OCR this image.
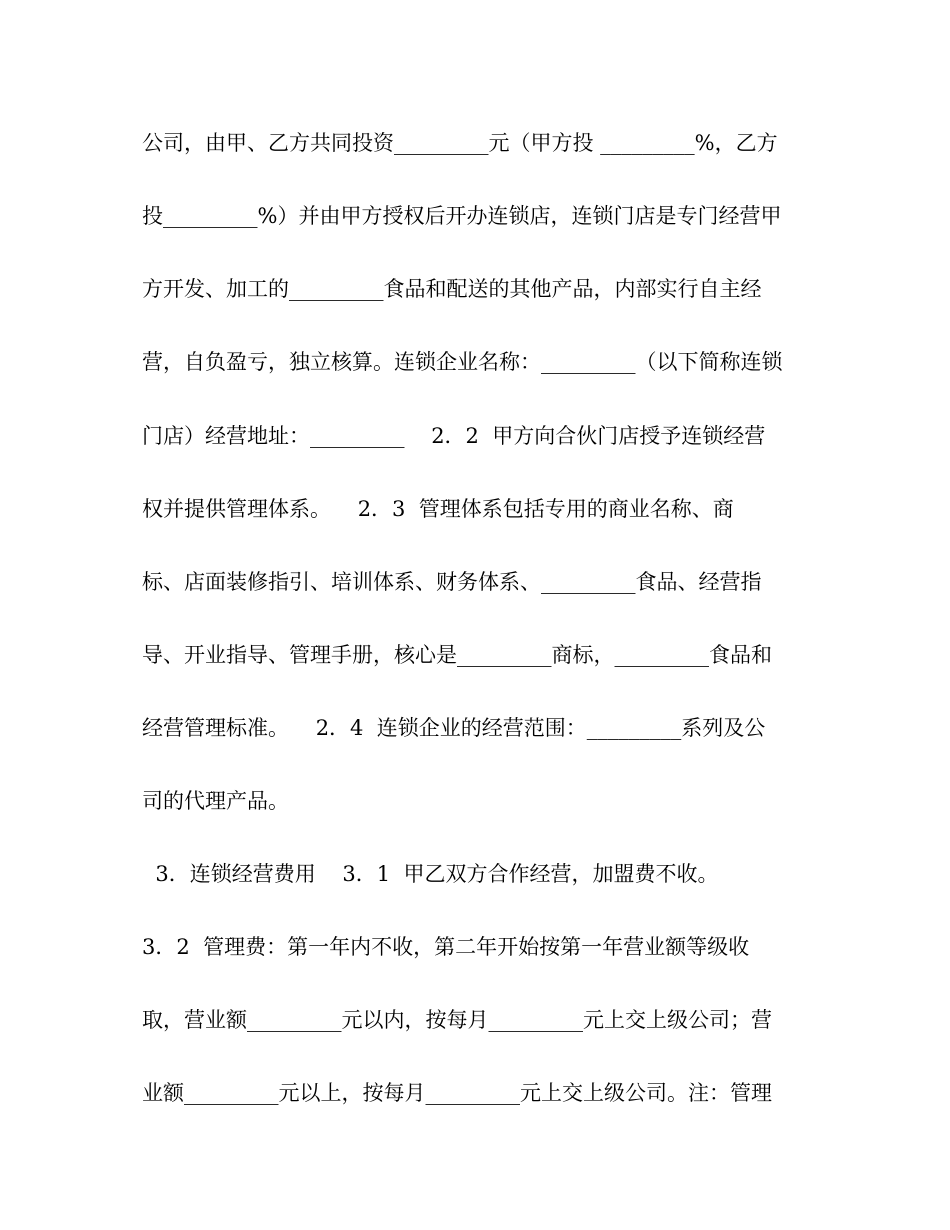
公司，由甲、乙方共同投资_________元（甲方投 _________%，乙方
投_________%）并由甲方授权后开办连锁店，连锁门店是专门经营甲
方开发、加工的_________食品和配送的其他产品，内部实行自主经
营，自负盈亏，独立核算。连锁企业名称：_________（以下简称连锁
门店）经营地址：_________    2．2  甲方向合伙门店授予连锁经营
权并提供管理体系。    2．3  管理体系包括专用的商业名称、商
标、店面装修指引、培训体系、财务体系、_________食品、经营指
导、开业指导、管理手册，核心是_________商标，_________食品和
经营管理标准。    2．4  连锁企业的经营范围：_________系列及公
司的代理产品。
3．连锁经营费用    3．1  甲乙双方合作经营，加盟费不收。
3．2  管理费：第一年内不收，第二年开始按第一年营业额等级收
取，营业额_________元以内，按每月_________元上交上级公司；营
业额_________元以上，按每月_________元上交上级公司。注：管理
